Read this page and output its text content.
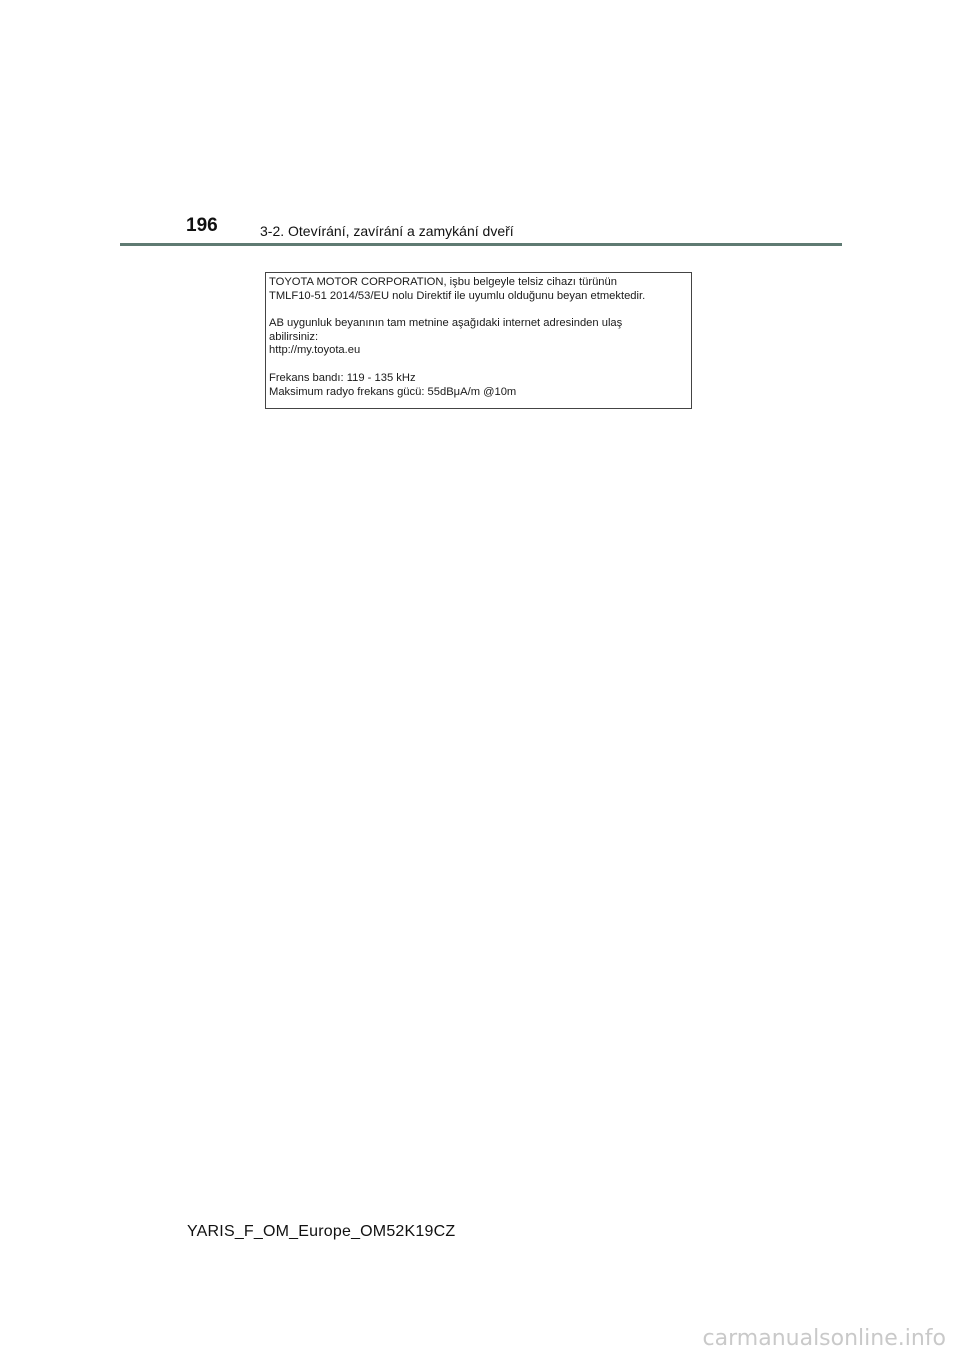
196	3-2. Otevírání, zavírání a zamykání dveří
TOYOTA MOTOR CORPORATION, işbu belgeyle telsiz cihazı türünün
TMLF10-51 2014/53/EU nolu Direktif ile uyumlu olduğunu beyan etmektedir.
AB uygunluk beyanının tam metnine aşağıdaki internet adresinden ulaş
abilirsiniz:
http://my.toyota.eu
Frekans bandı: 119 - 135 kHz
Maksimum radyo frekans gücü: 55dBμA/m @10m
YARIS_F_OM_Europe_OM52K19CZ
carmanualsonline.info
